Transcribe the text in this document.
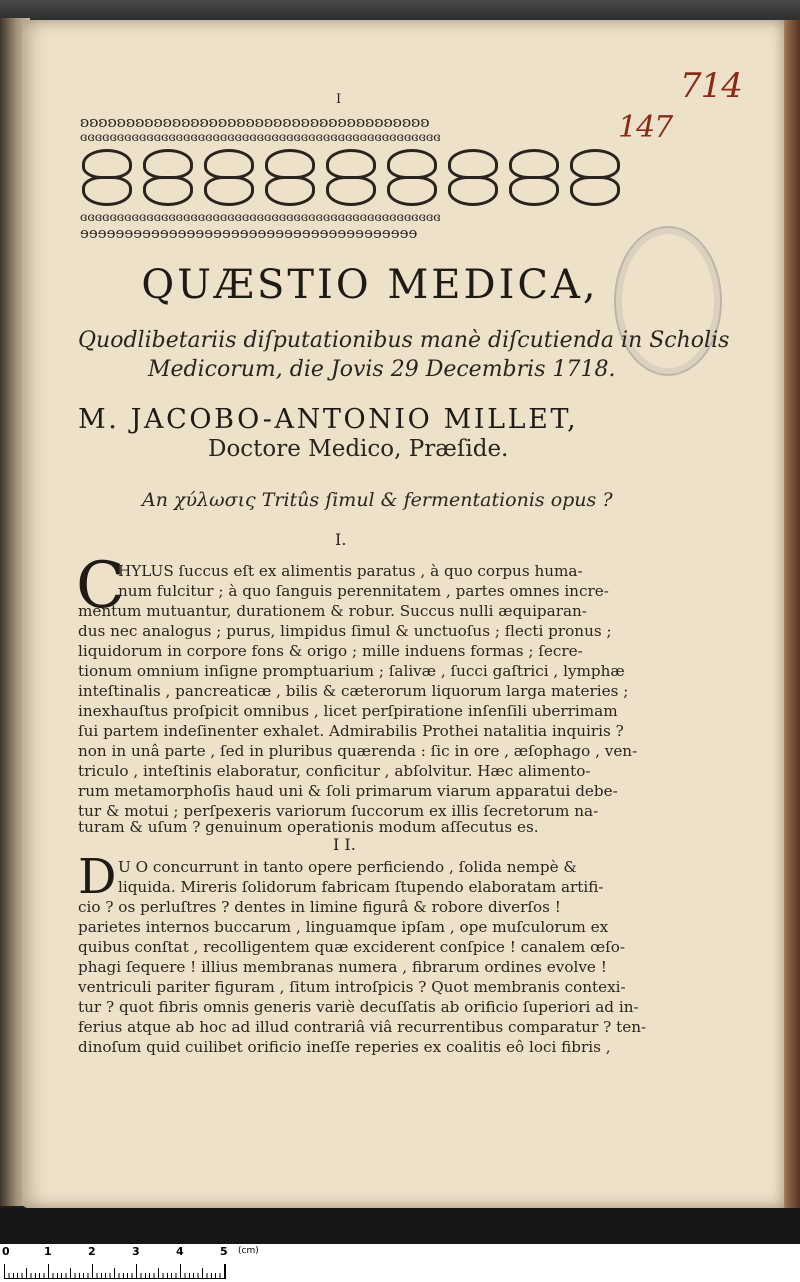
714
147
I
ʚʚʚʚʚʚʚʚʚʚʚʚʚʚʚʚʚʚʚʚʚʚʚʚʚʚʚʚʚʚʚʚʚʚʚʚʚʚ
ɞɞɞɞɞɞɞɞɞɞɞɞɞɞɞɞɞɞɞɞɞɞɞɞɞɞɞɞɞɞɞɞɞɞɞɞɞɞɞɞɞɞɞɞɞɞɞɞɞ
ɞɞɞɞɞɞɞɞɞɞɞɞɞɞɞɞɞɞɞɞɞɞɞɞɞɞɞɞɞɞɞɞɞɞɞɞɞɞɞɞɞɞɞɞɞɞɞɞɞ
ɘɘɘɘɘɘɘɘɘɘɘɘɘɘɘɘɘɘɘɘɘɘɘɘɘɘɘɘɘɘɘɘɘɘɘɘɘɘ
QUÆSTIO MEDICA,
Quodlibetariis diſputationibus manè diſcutienda in Scholis
Medicorum, die Jovis 29 Decembris 1718.
M. JACOBO-ANTONIO MILLET,
Doctore Medico, Præſide.
An χύλωσις Tritûs ſimul & fermentationis opus ?
I.
C
HYLUS ſuccus eſt ex alimentis paratus , à quo corpus huma-
num fulcitur ; à quo ſanguis perennitatem , partes omnes incre-
mentum mutuantur, durationem & robur. Succus nulli æquiparan-
dus nec analogus ; purus, limpidus ſimul & unctuoſus ; flecti pronus ;
liquidorum in corpore fons & origo ; mille induens formas ; ſecre-
tionum omnium inſigne promptuarium ; ſalivæ , ſucci gaſtrici , lymphæ
inteſtinalis , pancreaticæ , bilis & cæterorum liquorum larga materies ;
inexhauſtus proſpicit omnibus , licet perſpiratione inſenſili uberrimam
ſui partem indeſinenter exhalet. Admirabilis Prothei natalitia inquiris ?
non in unâ parte , ſed in pluribus quærenda : ſic in ore , æſophago , ven-
triculo , inteſtinis elaboratur, conficitur , abſolvitur. Hæc alimento-
rum metamorphoſis haud uni & ſoli primarum viarum apparatui debe-
tur & motui ; perſpexeris variorum ſuccorum ex illis ſecretorum na-
turam & uſum ? genuinum operationis modum aſſecutus es.
I I.
D U O concurrunt in tanto opere perficiendo , ſolida nempè &
liquida. Mireris ſolidorum fabricam ſtupendo elaboratam artifi-
cio ? os perluſtres ? dentes in limine figurâ & robore diverſos !
parietes internos buccarum , linguamque ipſam , ope muſculorum ex
quibus conſtat , recolligentem quæ exciderent conſpice ! canalem œſo-
phagi ſequere ! illius membranas numera , fibrarum ordines evolve !
ventriculi pariter figuram , ſitum introſpicis ? Quot membranis contexi-
tur ? quot fibris omnis generis variè decuſſatis ab orificio ſuperiori ad in-
ferius atque ab hoc ad illud contrariâ viâ recurrentibus comparatur ? ten-
dinoſum quid cuilibet orificio ineſſe reperies ex coalitis eô loci fibris ,
0	1	2	3	4	5 (cm)
